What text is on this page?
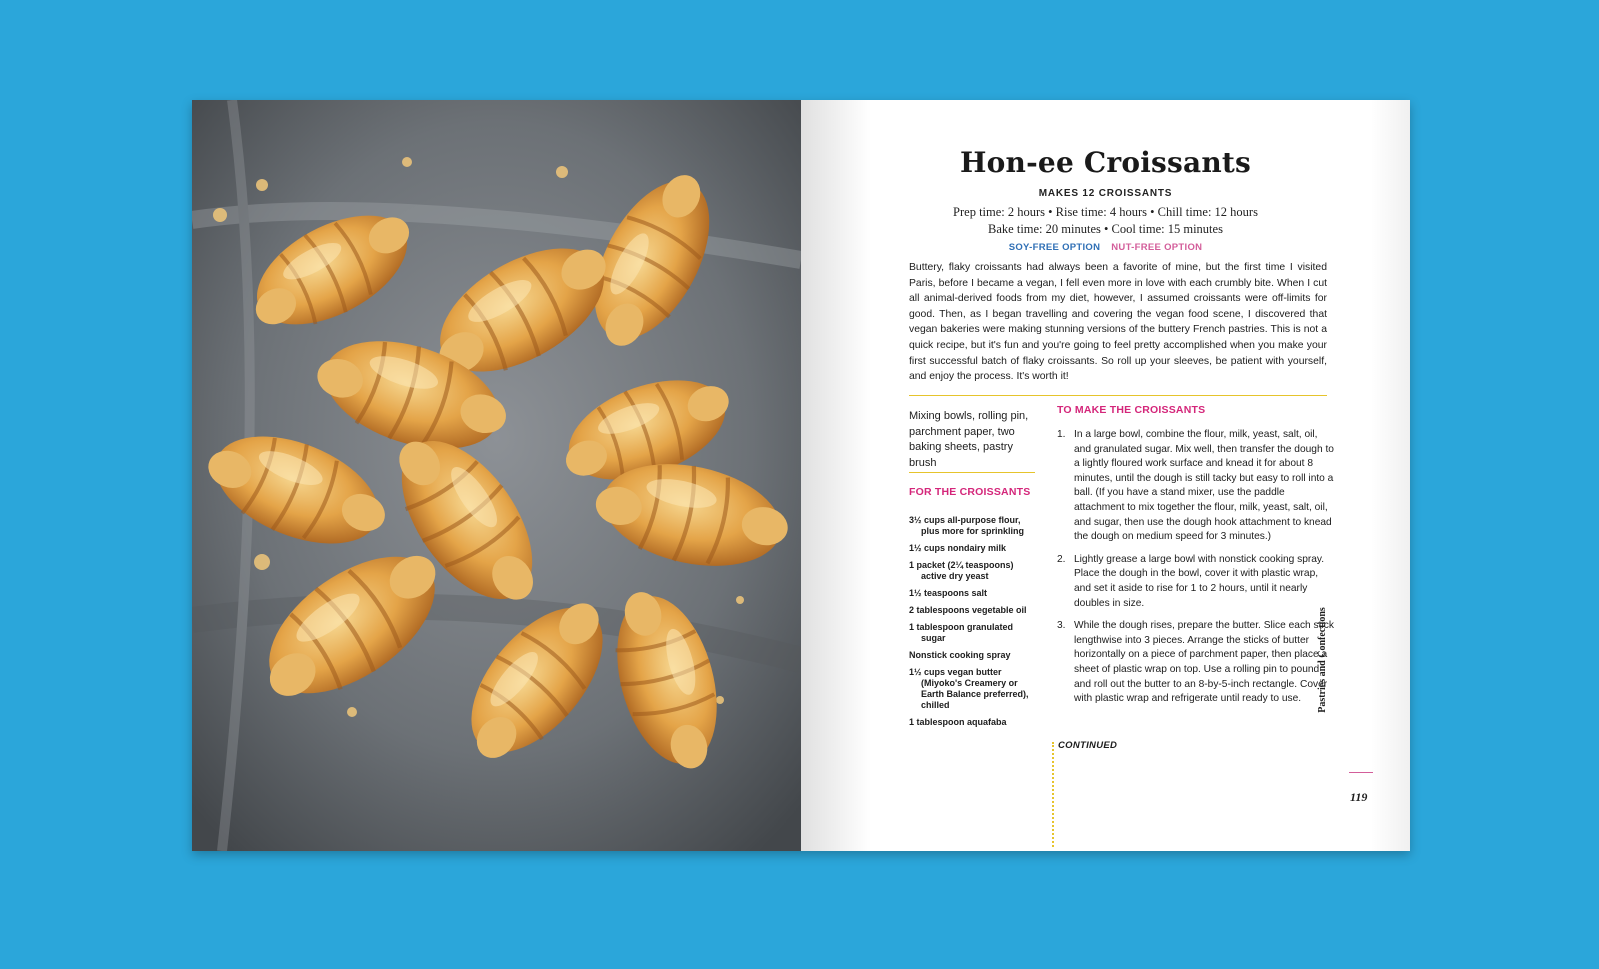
Hon-ee Croissants
MAKES 12 CROISSANTS
Prep time: 2 hours • Rise time: 4 hours • Chill time: 12 hours
Bake time: 20 minutes • Cool time: 15 minutes
SOY-FREE OPTION NUT-FREE OPTION
Buttery, flaky croissants had always been a favorite of mine, but the first time I visited Paris, before I became a vegan, I fell even more in love with each crumbly bite. When I cut all animal-derived foods from my diet, however, I assumed croissants were off-limits for good. Then, as I began travelling and covering the vegan food scene, I discovered that vegan bakeries were making stunning versions of the buttery French pastries. This is not a quick recipe, but it's fun and you're going to feel pretty accomplished when you make your first successful batch of flaky croissants. So roll up your sleeves, be patient with yourself, and enjoy the process. It's worth it!
Mixing bowls, rolling pin, parchment paper, two baking sheets, pastry brush
FOR THE CROISSANTS
3½ cups all-purpose flour, plus more for sprinkling
1½ cups nondairy milk
1 packet (2¼ teaspoons) active dry yeast
1½ teaspoons salt
2 tablespoons vegetable oil
1 tablespoon granulated sugar
Nonstick cooking spray
1½ cups vegan butter (Miyoko's Creamery or Earth Balance preferred), chilled
1 tablespoon aquafaba
TO MAKE THE CROISSANTS
1. In a large bowl, combine the flour, milk, yeast, salt, oil, and granulated sugar. Mix well, then transfer the dough to a lightly floured work surface and knead it for about 8 minutes, until the dough is still tacky but easy to roll into a ball. (If you have a stand mixer, use the paddle attachment to mix together the flour, milk, yeast, salt, oil, and sugar, then use the dough hook attachment to knead the dough on medium speed for 3 minutes.)
2. Lightly grease a large bowl with nonstick cooking spray. Place the dough in the bowl, cover it with plastic wrap, and set it aside to rise for 1 to 2 hours, until it nearly doubles in size.
3. While the dough rises, prepare the butter. Slice each stick lengthwise into 3 pieces. Arrange the sticks of butter horizontally on a piece of parchment paper, then place a sheet of plastic wrap on top. Use a rolling pin to pound and roll out the butter to an 8-by-5-inch rectangle. Cover with plastic wrap and refrigerate until ready to use.
CONTINUED
Pastries and Confections
119
